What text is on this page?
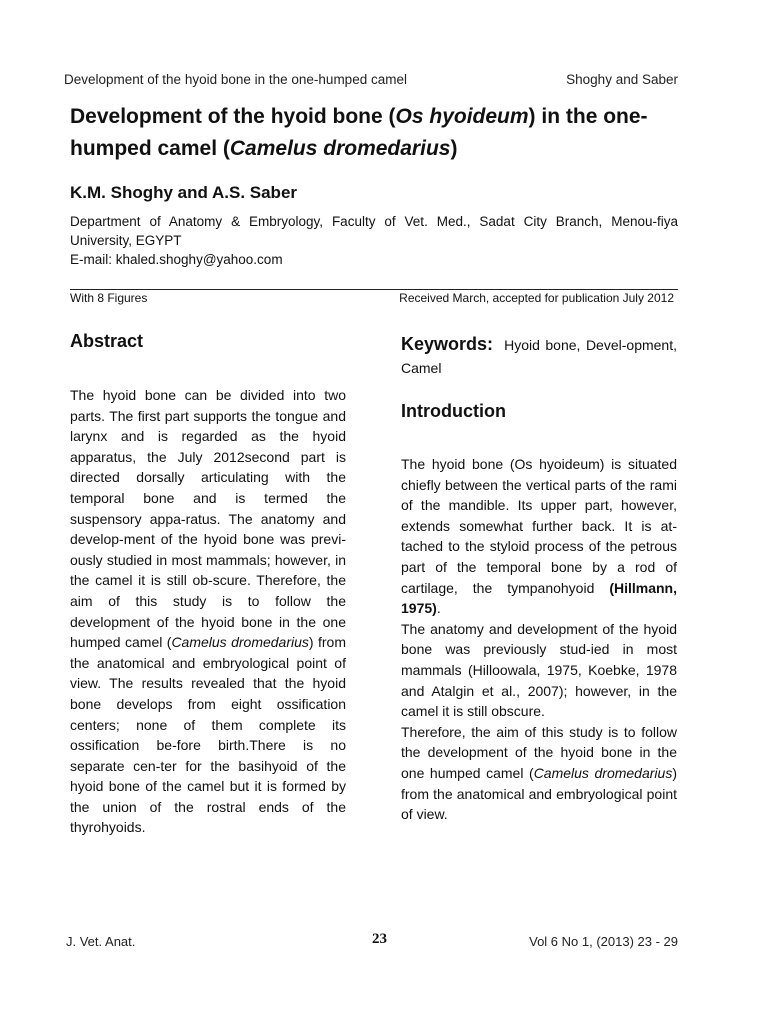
Development of the hyoid bone in the one-humped camel	Shoghy and Saber
Development of the hyoid bone (Os hyoideum) in the one-humped camel (Camelus dromedarius)
K.M. Shoghy and A.S. Saber
Department of Anatomy & Embryology, Faculty of Vet. Med., Sadat City Branch, Menou-fiya University, EGYPT
E-mail: khaled.shoghy@yahoo.com
With 8 Figures	Received March, accepted for publication July 2012
Abstract
The hyoid bone can be divided into two parts. The first part supports the tongue and larynx and is regarded as the hyoid apparatus, the July 2012second part is directed dorsally articulating with the temporal bone and is termed the suspensory appa-ratus. The anatomy and develop-ment of the hyoid bone was previ-ously studied in most mammals; however, in the camel it is still ob-scure. Therefore, the aim of this study is to follow the development of the hyoid bone in the one humped camel (Camelus dromedarius) from the anatomical and embryological point of view. The results revealed that the hyoid bone develops from eight ossification centers; none of them complete its ossification be-fore birth.There is no separate cen-ter for the basihyoid of the hyoid bone of the camel but it is formed by the union of the rostral ends of the thyrohyoids.
Keywords: Hyoid bone, Devel-opment, Camel
Introduction
The hyoid bone (Os hyoideum) is situated chiefly between the vertical parts of the rami of the mandible. Its upper part, however, extends somewhat further back. It is at-tached to the styloid process of the petrous part of the temporal bone by a rod of cartilage, the tympanohyoid (Hillmann, 1975).
The anatomy and development of the hyoid bone was previously stud-ied in most mammals (Hilloowala, 1975, Koebke, 1978 and Atalgin et al., 2007); however, in the camel it is still obscure.
Therefore, the aim of this study is to follow the development of the hyoid bone in the one humped camel (Camelus dromedarius) from the anatomical and embryological point of view.
J. Vet. Anat.	23	Vol 6 No 1, (2013) 23 - 29
